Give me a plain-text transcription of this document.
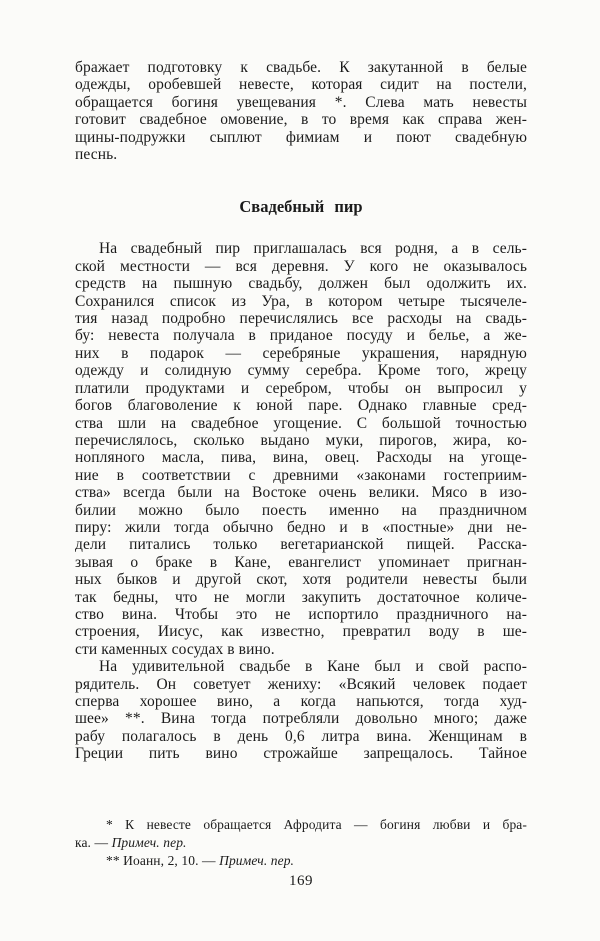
бражает подготовку к свадьбе. К закутанной в белые
одежды, оробевшей невесте, которая сидит на постели,
обращается богиня увещевания *. Слева мать невесты
готовит свадебное омовение, в то время как справа жен-
щины-подружки сыплют фимиам и поют свадебную
песнь.
Свадебный пир
На свадебный пир приглашалась вся родня, а в сель-
ской местности — вся деревня. У кого не оказывалось
средств на пышную свадьбу, должен был одолжить их.
Сохранился список из Ура, в котором четыре тысячеле-
тия назад подробно перечислялись все расходы на свадь-
бу: невеста получала в приданое посуду и белье, а же-
них в подарок — серебряные украшения, нарядную
одежду и солидную сумму серебра. Кроме того, жрецу
платили продуктами и серебром, чтобы он выпросил у
богов благоволение к юной паре. Однако главные сред-
ства шли на свадебное угощение. С большой точностью
перечислялось, сколько выдано муки, пирогов, жира, ко-
нопляного масла, пива, вина, овец. Расходы на угоще-
ние в соответствии с древними «законами гостеприим-
ства» всегда были на Востоке очень велики. Мясо в изо-
билии можно было поесть именно на праздничном
пиру: жили тогда обычно бедно и в «постные» дни не-
дели питались только вегетарианской пищей. Расска-
зывая о браке в Кане, евангелист упоминает пригнан-
ных быков и другой скот, хотя родители невесты были
так бедны, что не могли закупить достаточное количе-
ство вина. Чтобы это не испортило праздничного на-
строения, Иисус, как известно, превратил воду в ше-
сти каменных сосудах в вино.
На удивительной свадьбе в Кане был и свой распо-
рядитель. Он советует жениху: «Всякий человек подает
сперва хорошее вино, а когда напьются, тогда худ-
шее» **. Вина тогда потребляли довольно много; даже
рабу полагалось в день 0,6 литра вина. Женщинам в
Греции пить вино строжайше запрещалось. Тайное
* К невесте обращается Афродита — богиня любви и бра-
ка. — Примеч. пер.
** Иоанн, 2, 10. — Примеч. пер.
169
